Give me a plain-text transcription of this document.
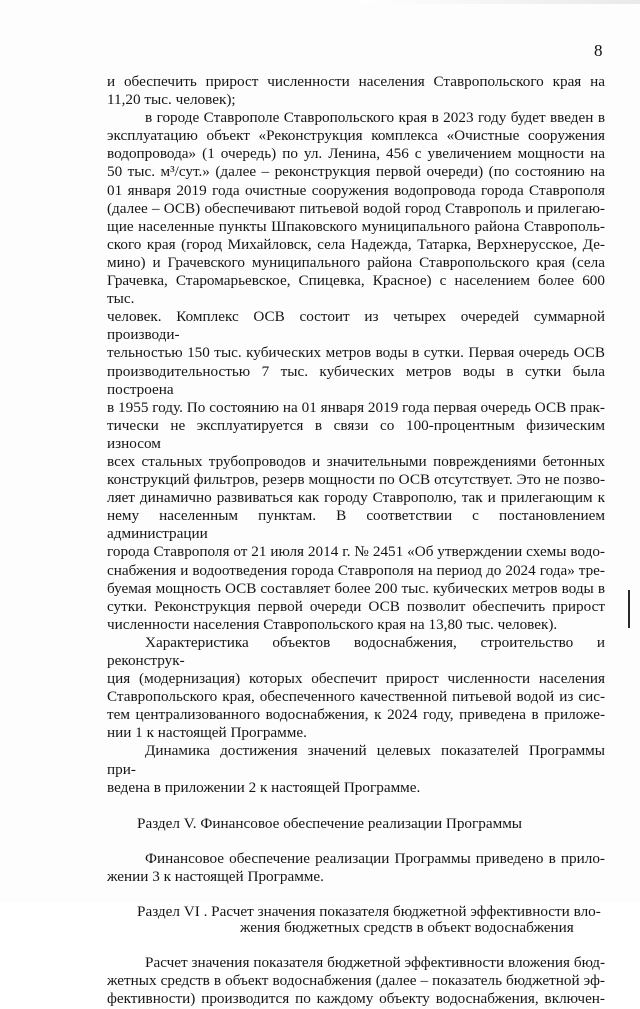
8
и обеспечить прирост численности населения Ставропольского края на
11,20 тыс. человек);
в городе Ставрополе Ставропольского края в 2023 году будет введен в
эксплуатацию объект «Реконструкция комплекса «Очистные сооружения
водопровода» (1 очередь) по ул. Ленина, 456 с увеличением мощности на
50 тыс. м³/сут.» (далее – реконструкция первой очереди) (по состоянию на
01 января 2019 года очистные сооружения водопровода города Ставрополя
(далее – ОСВ) обеспечивают питьевой водой город Ставрополь и прилегаю-
щие населенные пункты Шпаковского муниципального района Ставрополь-
ского края (город Михайловск, села Надежда, Татарка, Верхнерусское, Де-
мино) и Грачевского муниципального района Ставропольского края (села
Грачевка, Старомарьевское, Спицевка, Красное) с населением более 600 тыс.
человек. Комплекс ОСВ состоит из четырех очередей суммарной производи-
тельностью 150 тыс. кубических метров воды в сутки. Первая очередь ОСВ
производительностью 7 тыс. кубических метров воды в сутки была построена
в 1955 году. По состоянию на 01 января 2019 года первая очередь ОСВ прак-
тически не эксплуатируется в связи со 100-процентным физическим износом
всех стальных трубопроводов и значительными повреждениями бетонных
конструкций фильтров, резерв мощности по ОСВ отсутствует. Это не позво-
ляет динамично развиваться как городу Ставрополю, так и прилегающим к
нему населенным пунктам. В соответствии с постановлением администрации
города Ставрополя от 21 июля 2014 г. № 2451 «Об утверждении схемы водо-
снабжения и водоотведения города Ставрополя на период до 2024 года» тре-
буемая мощность ОСВ составляет более 200 тыс. кубических метров воды в
сутки. Реконструкция первой очереди ОСВ позволит обеспечить прирост
численности населения Ставропольского края на 13,80 тыс. человек).
Характеристика объектов водоснабжения, строительство и реконструк-
ция (модернизация) которых обеспечит прирост численности населения
Ставропольского края, обеспеченного качественной питьевой водой из сис-
тем централизованного водоснабжения, к 2024 году, приведена в приложе-
нии 1 к настоящей Программе.
Динамика достижения значений целевых показателей Программы при-
ведена в приложении 2 к настоящей Программе.
Раздел V. Финансовое обеспечение реализации Программы
Финансовое обеспечение реализации Программы приведено в прило-
жении 3 к настоящей Программе.
Раздел VI . Расчет значения показателя бюджетной эффективности вло-
жения бюджетных средств в объект водоснабжения
Расчет значения показателя бюджетной эффективности вложения бюд-
жетных средств в объект водоснабжения (далее – показатель бюджетной эф-
фективности) производится по каждому объекту водоснабжения, включен-
